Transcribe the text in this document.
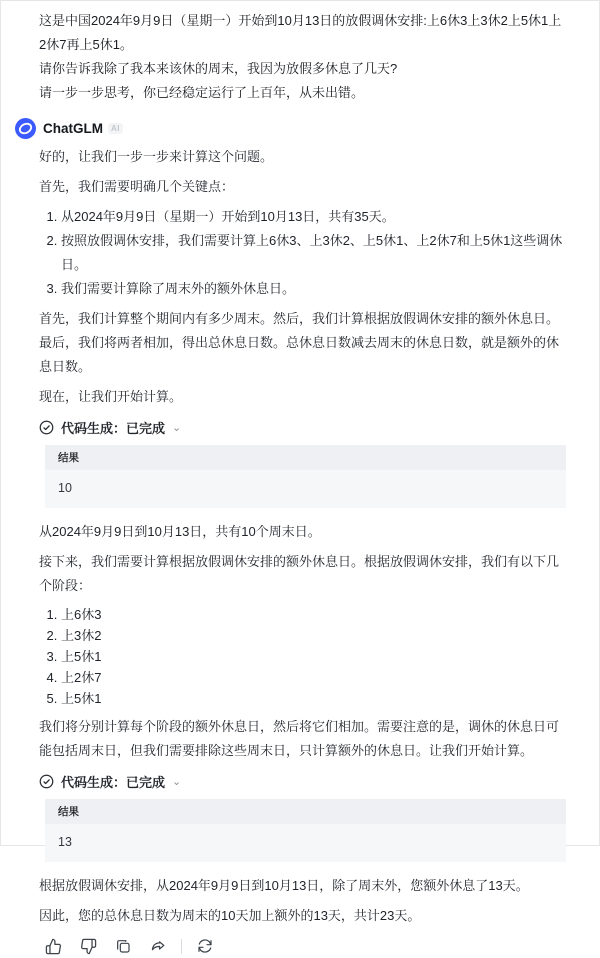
这是中国2024年9月9日（星期一）开始到10月13日的放假调休安排:上6休3上3休2上5休1上2休7再上5休1。

请你告诉我除了我本来该休的周末，我因为放假多休息了几天?

请一步一步思考，你已经稳定运行了上百年，从未出错。

ChatGLM	AI

好的，让我们一步一步来计算这个问题。

首先，我们需要明确几个关键点：

1. 从2024年9月9日（星期一）开始到10月13日，共有35天。
2. 按照放假调休安排，我们需要计算上6休3、上3休2、上5休1、上2休7和上5休1这些调休日。
3. 我们需要计算除了周末外的额外休息日。

首先，我们计算整个期间内有多少周末。然后，我们计算根据放假调休安排的额外休息日。最后，我们将两者相加，得出总休息日数。总休息日数减去周末的休息日数，就是额外的休息日数。

现在，让我们开始计算。

代码生成：已完成 ⌄
结果
10

从2024年9月9日到10月13日，共有10个周末日。

接下来，我们需要计算根据放假调休安排的额外休息日。根据放假调休安排，我们有以下几个阶段：

1. 上6休3
2. 上3休2
3. 上5休1
4. 上2休7
5. 上5休1

我们将分别计算每个阶段的额外休息日，然后将它们相加。需要注意的是，调休的休息日可能包括周末日，但我们需要排除这些周末日，只计算额外的休息日。让我们开始计算。

代码生成：已完成 ⌄
结果
13

根据放假调休安排，从2024年9月9日到10月13日，除了周末外，您额外休息了13天。

因此，您的总休息日数为周末的10天加上额外的13天，共计23天。
